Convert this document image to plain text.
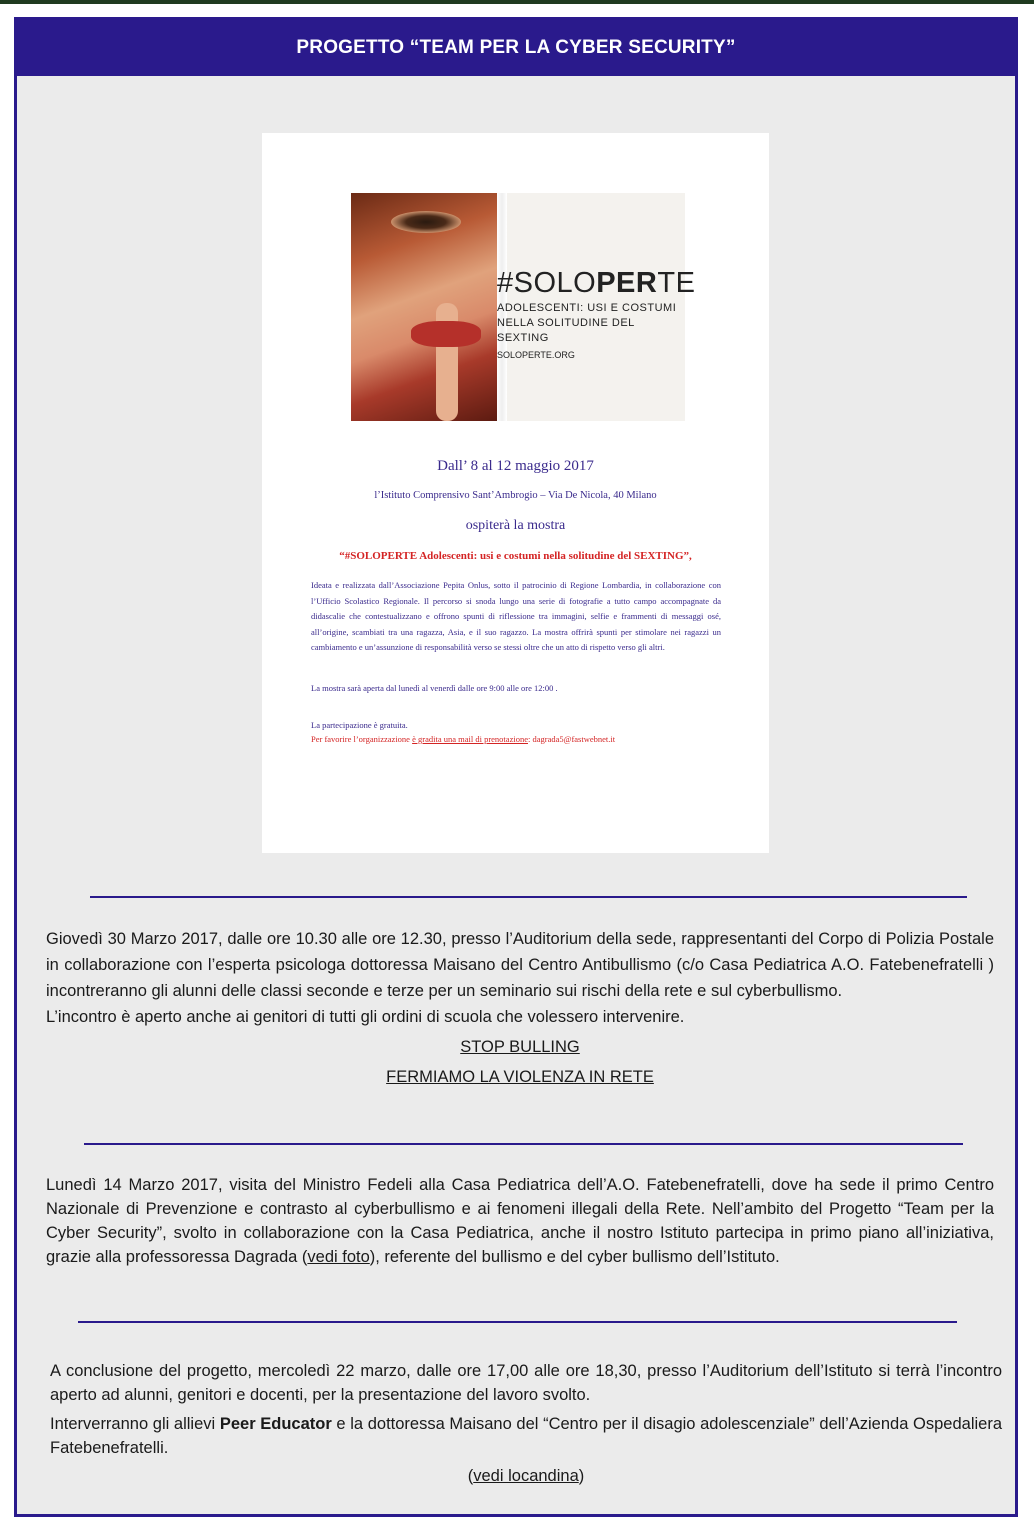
PROGETTO “TEAM PER LA CYBER SECURITY”
#SOLOPERTE
ADOLESCENTI: USI E COSTUMI
NELLA SOLITUDINE DEL SEXTING
SOLOPERTE.ORG
Dall’ 8 al 12 maggio 2017
l’Istituto Comprensivo Sant’Ambrogio – Via De Nicola, 40 Milano
ospiterà la mostra
“#SOLOPERTE Adolescenti: usi e costumi nella solitudine del SEXTING”,
Ideata e realizzata dall’Associazione Pepita Onlus, sotto il patrocinio di Regione Lombardia, in collaborazione con l’Ufficio Scolastico Regionale. Il percorso si snoda lungo una serie di fotografie a tutto campo accompagnate da didascalie che contestualizzano e offrono spunti di riflessione tra immagini, selfie e frammenti di messaggi osé, all’origine, scambiati tra una ragazza, Asia, e il suo ragazzo. La mostra offrirà spunti per stimolare nei ragazzi un cambiamento e un’assunzione di responsabilità verso se stessi oltre che un atto di rispetto verso gli altri.
La mostra sarà aperta dal lunedì al venerdì dalle ore 9:00 alle ore 12:00 .
La partecipazione è gratuita.
Per favorire l’organizzazione è gradita una mail di prenotazione: dagrada5@fastwebnet.it

Giovedì 30 Marzo 2017, dalle ore 10.30 alle ore 12.30, presso l’Auditorium della sede, rappresentanti del Corpo di Polizia Postale in collaborazione con l’esperta psicologa dottoressa Maisano del Centro Antibullismo (c/o Casa Pediatrica A.O. Fatebenefratelli ) incontreranno gli alunni delle classi seconde e terze per un seminario sui rischi della rete e sul cyberbullismo.

L’incontro è aperto anche ai genitori di tutti gli ordini di scuola che volessero intervenire.

STOP BULLING

FERMIAMO LA VIOLENZA IN RETE

Lunedì 14 Marzo 2017, visita del Ministro Fedeli alla Casa Pediatrica dell’A.O. Fatebenefratelli, dove ha sede il primo Centro Nazionale di Prevenzione e contrasto al cyberbullismo e ai fenomeni illegali della Rete. Nell’ambito del Progetto “Team per la Cyber Security”, svolto in collaborazione con la Casa Pediatrica, anche il nostro Istituto partecipa in primo piano all’iniziativa, grazie alla professoressa Dagrada (vedi foto), referente del bullismo e del cyber bullismo dell’Istituto.

A conclusione del progetto, mercoledì 22 marzo, dalle ore 17,00 alle ore 18,30, presso l’Auditorium dell’Istituto si terrà l’incontro aperto ad alunni, genitori e docenti, per la presentazione del lavoro svolto.

Interverranno gli allievi Peer Educator e la dottoressa Maisano del “Centro per il disagio adolescenziale” dell’Azienda Ospedaliera Fatebenefratelli.

(vedi locandina)
